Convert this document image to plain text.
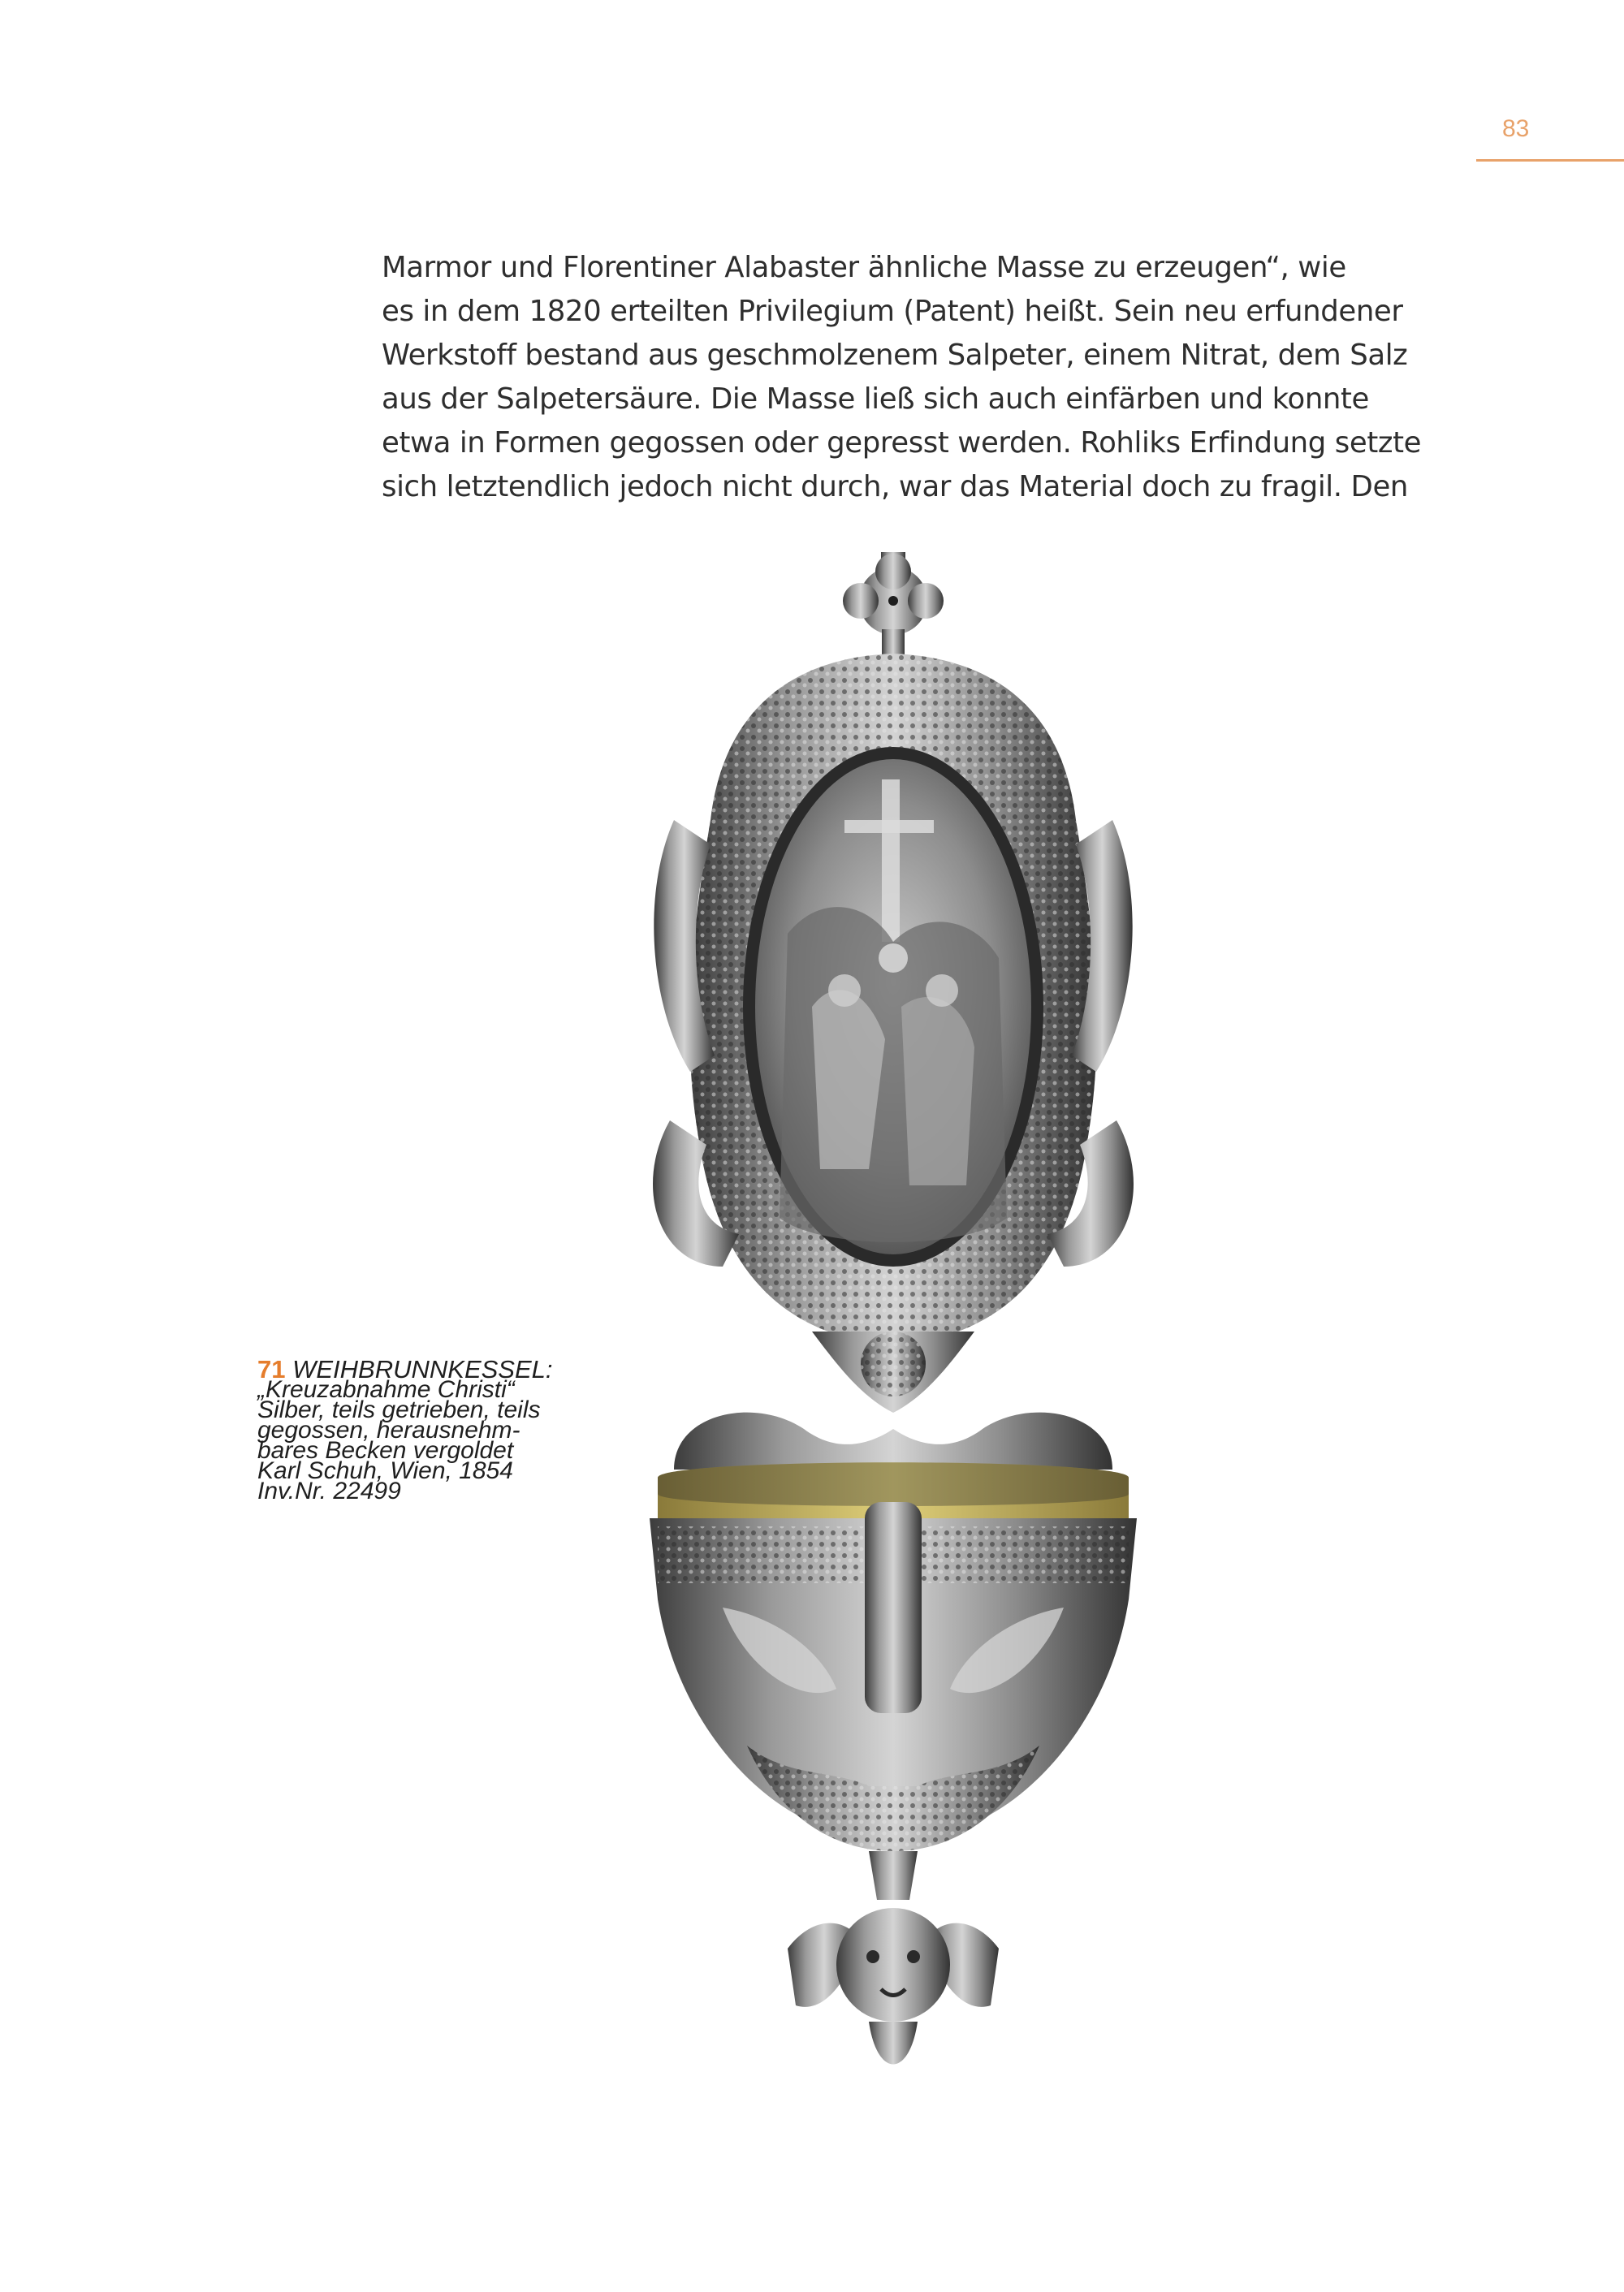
83

Marmor und Florentiner Alabaster ähnliche Masse zu erzeugen“, wie
es in dem 1820 erteilten Privilegium (Patent) heißt. Sein neu erfundener
Werkstoff bestand aus geschmolzenem Salpeter, einem Nitrat, dem Salz
aus der Salpetersäure. Die Masse ließ sich auch einfärben und konnte
etwa in Formen gegossen oder gepresst werden. Rohliks Erfindung setzte
sich letztendlich jedoch nicht durch, war das Material doch zu fragil. Den

71 WEIHBRUNNKESSEL:
„Kreuzabnahme Christi“
Silber, teils getrieben, teils
gegossen, herausnehm-
bares Becken vergoldet
Karl Schuh, Wien, 1854
Inv.Nr. 22499
